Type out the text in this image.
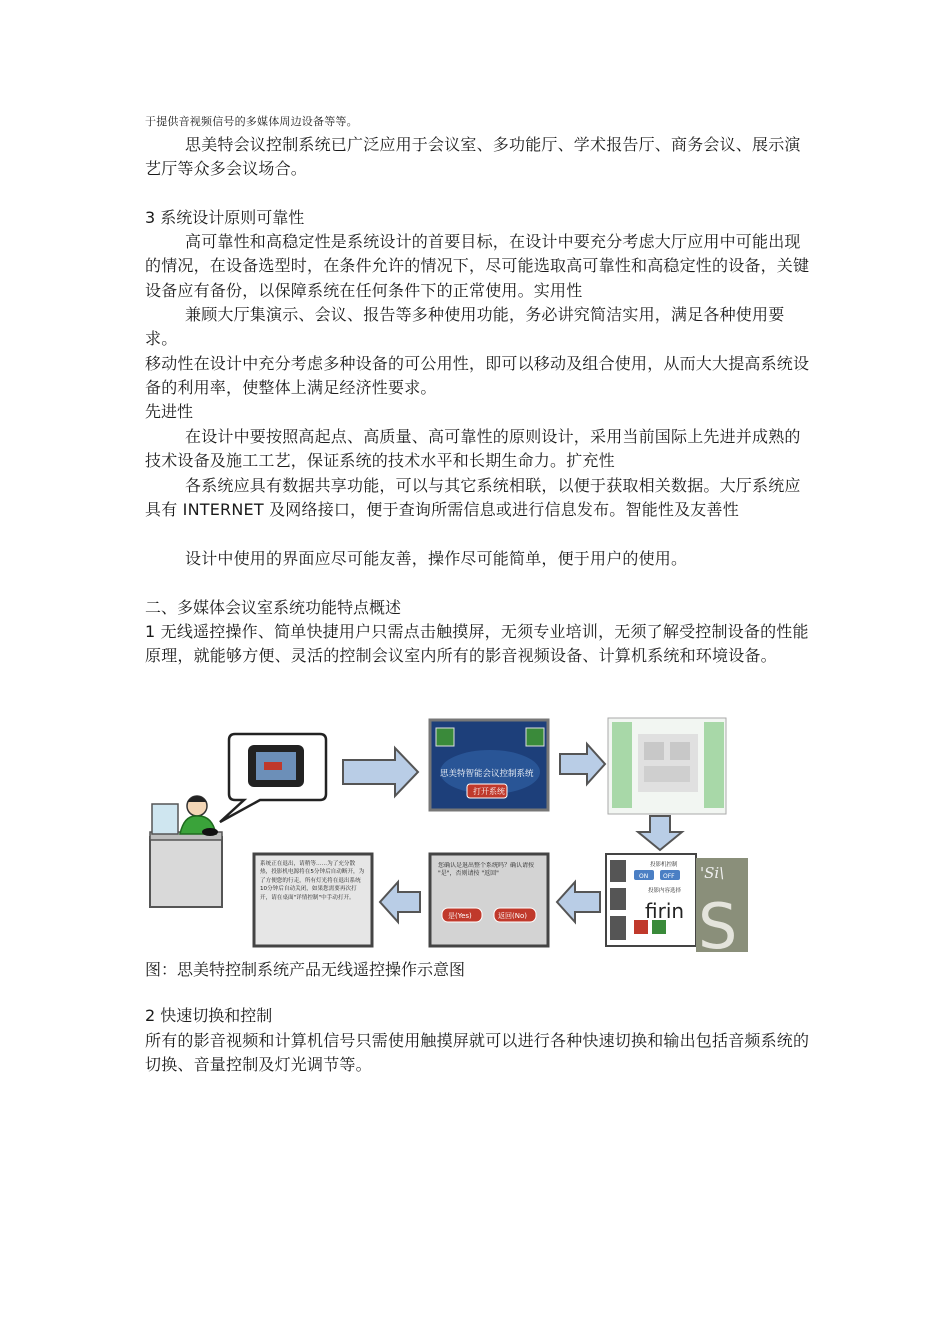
于提供音视频信号的多媒体周边设备等等。
思美特会议控制系统已广泛应用于会议室、多功能厅、学术报告厅、商务会议、展示演艺厅等众多会议场合。
3 系统设计原则可靠性
高可靠性和高稳定性是系统设计的首要目标，在设计中要充分考虑大厅应用中可能出现的情况，在设备选型时，在条件允许的情况下，尽可能选取高可靠性和高稳定性的设备，关键设备应有备份，以保障系统在任何条件下的正常使用。实用性
兼顾大厅集演示、会议、报告等多种使用功能，务必讲究简洁实用，满足各种使用要求。
移动性在设计中充分考虑多种设备的可公用性，即可以移动及组合使用，从而大大提高系统设备的利用率，使整体上满足经济性要求。
先进性
在设计中要按照高起点、高质量、高可靠性的原则设计，采用当前国际上先进并成熟的技术设备及施工工艺，保证系统的技术水平和长期生命力。扩充性
各系统应具有数据共享功能，可以与其它系统相联，以便于获取相关数据。大厅系统应具有 INTERNET 及网络接口，便于查询所需信息或进行信息发布。智能性及友善性
设计中使用的界面应尽可能友善，操作尽可能简单，便于用户的使用。
二、多媒体会议室系统功能特点概述
1 无线遥控操作、简单快捷用户只需点击触摸屏，无须专业培训，无须了解受控制设备的性能原理，就能够方便、灵活的控制会议室内所有的影音视频设备、计算机系统和环境设备。
思美特智能会议控制系统
打开系统
投影机控制
ON OFF
投影内容选择
'Si\
S
firin
您确认是退出整个系统吗？确认请按 "是"，否则请按 "返回"
是(Yes)	返回(No)
系统正在退出，请稍等……为了充分散热，投影机电源将在5分钟后自动断开，为了方便您的行走，所有灯光将在退出系统10分钟后自动关闭，如果您需要再次打开，请在桌面"详情控制"中手动打开。
图：思美特控制系统产品无线遥控操作示意图
2 快速切换和控制
所有的影音视频和计算机信号只需使用触摸屏就可以进行各种快速切换和输出包括音频系统的切换、音量控制及灯光调节等。
